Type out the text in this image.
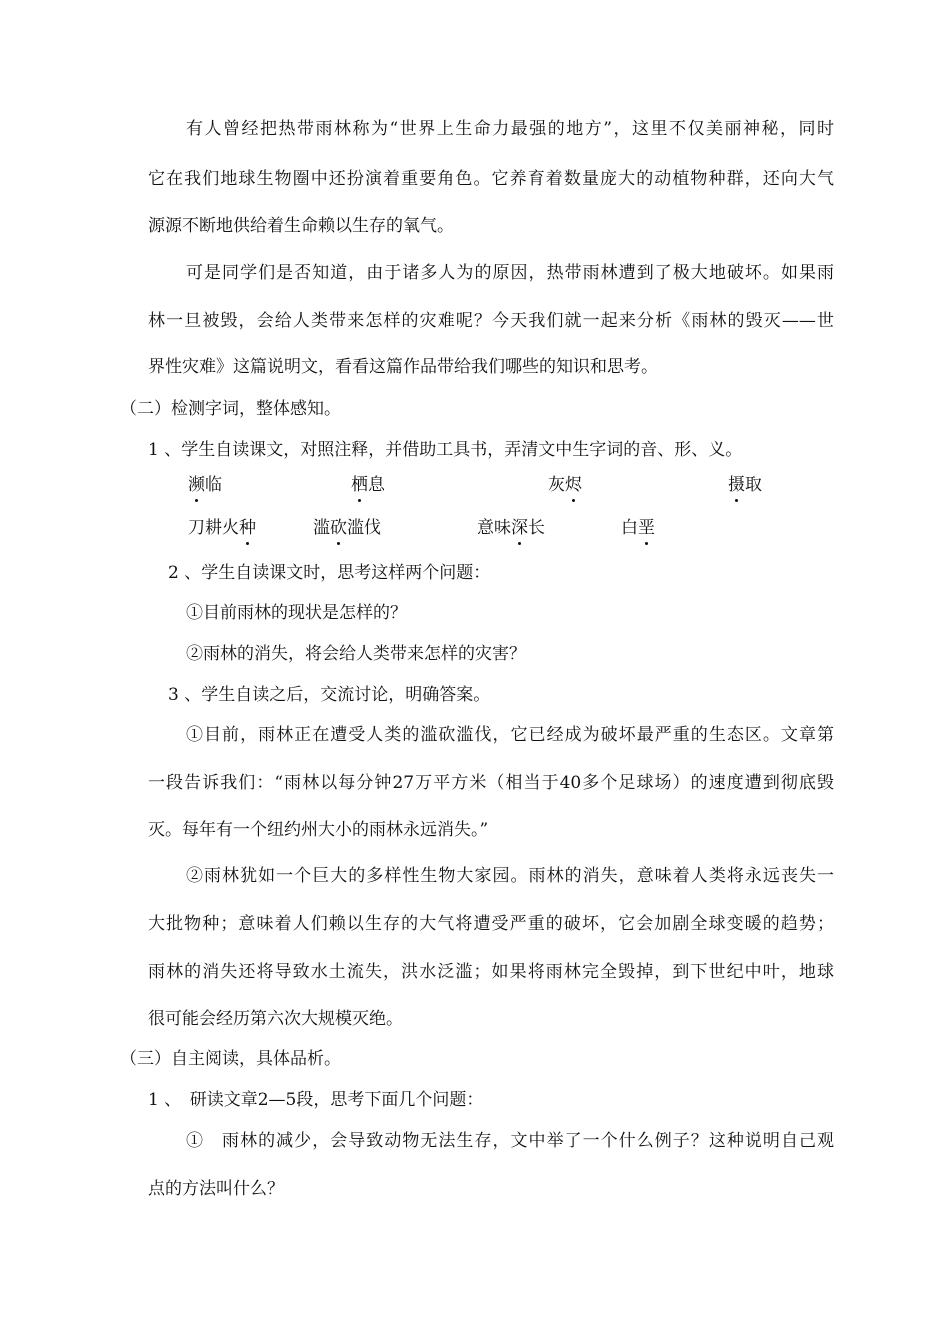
有人曾经把热带雨林称为“世界上生命力最强的地方”，这里不仅美丽神秘，同时
它在我们地球生物圈中还扮演着重要角色。它养育着数量庞大的动植物种群，还向大气
源源不断地供给着生命赖以生存的氧气。
可是同学们是否知道，由于诸多人为的原因，热带雨林遭到了极大地破坏。如果雨
林一旦被毁，会给人类带来怎样的灾难呢？今天我们就一起来分析《雨林的毁灭——世
界性灾难》这篇说明文，看看这篇作品带给我们哪些的知识和思考。
（二）检测字词，整体感知。
1 、学生自读课文，对照注释，并借助工具书，弄清文中生字词的音、形、义。
濒临	栖息	灰烬	摄取
刀耕火种	滥砍滥伐	意味深长	白垩
2 、学生自读课文时，思考这样两个问题：
①目前雨林的现状是怎样的？
②雨林的消失，将会给人类带来怎样的灾害？
3 、学生自读之后，交流讨论，明确答案。
①目前，雨林正在遭受人类的滥砍滥伐，它已经成为破坏最严重的生态区。文章第
一段告诉我们：“雨林以每分钟27万平方米（相当于40多个足球场）的速度遭到彻底毁
灭。每年有一个纽约州大小的雨林永远消失。”
②雨林犹如一个巨大的多样性生物大家园。雨林的消失，意味着人类将永远丧失一
大批物种；意味着人们赖以生存的大气将遭受严重的破坏，它会加剧全球变暖的趋势；
雨林的消失还将导致水土流失，洪水泛滥；如果将雨林完全毁掉，到下世纪中叶，地球
很可能会经历第六次大规模灭绝。
（三）自主阅读，具体品析。
1 、　研读文章2—5段，思考下面几个问题：
①　雨林的减少，会导致动物无法生存，文中举了一个什么例子？这种说明自己观
点的方法叫什么？
